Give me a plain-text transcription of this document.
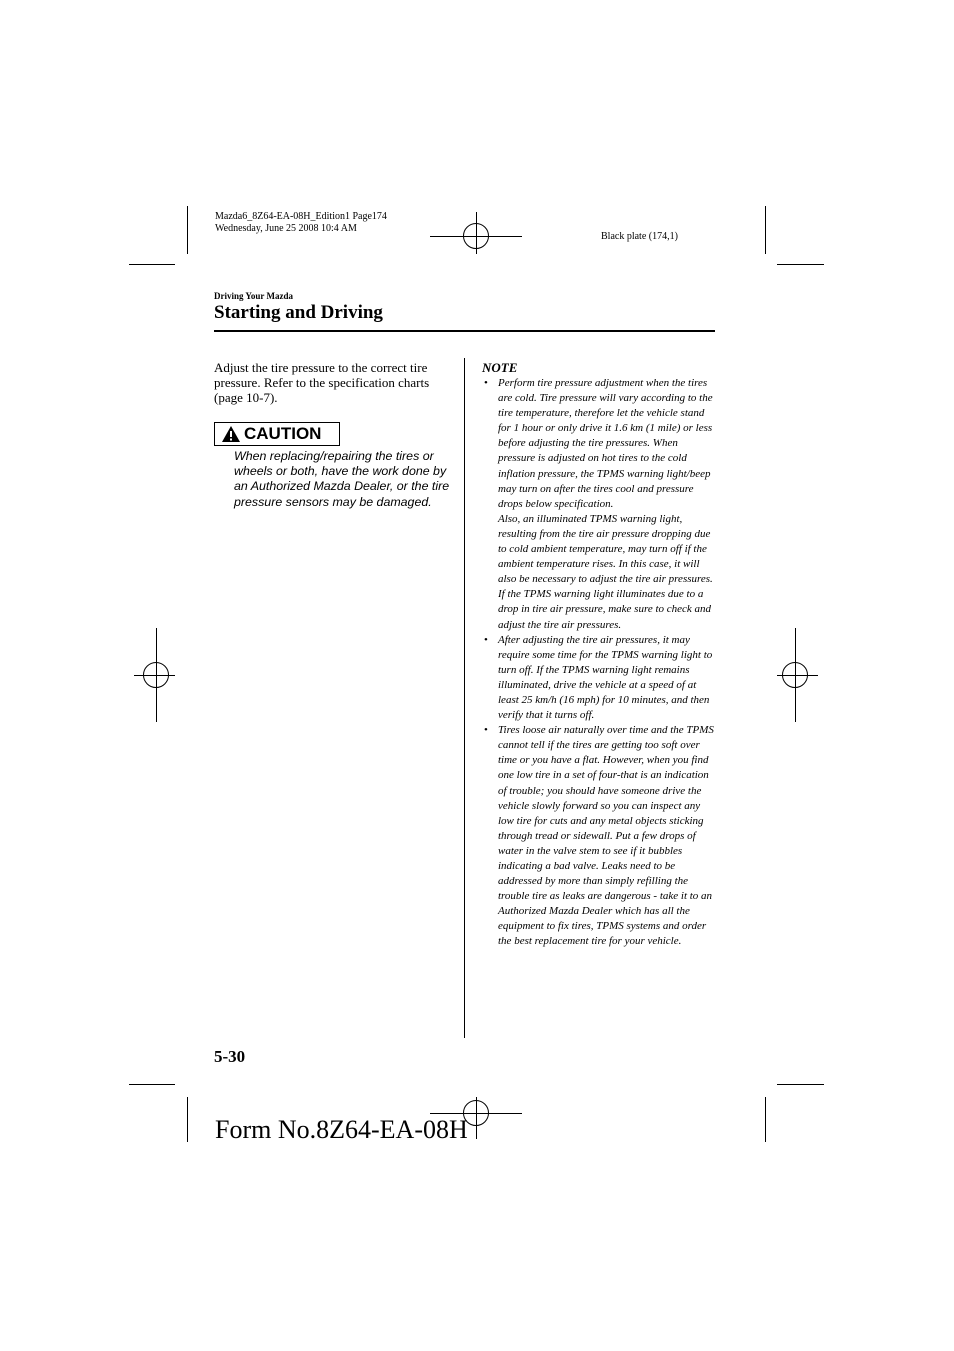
Mazda6_8Z64-EA-08H_Edition1 Page174
Wednesday, June 25 2008 10:4 AM
Black plate (174,1)
Driving Your Mazda
Starting and Driving
Adjust the tire pressure to the correct tire pressure. Refer to the specification charts (page 10-7).
CAUTION
When replacing/repairing the tires or wheels or both, have the work done by an Authorized Mazda Dealer, or the tire pressure sensors may be damaged.
NOTE
• Perform tire pressure adjustment when the tires are cold. Tire pressure will vary according to the tire temperature, therefore let the vehicle stand for 1 hour or only drive it 1.6 km (1 mile) or less before adjusting the tire pressures. When pressure is adjusted on hot tires to the cold inflation pressure, the TPMS warning light/beep may turn on after the tires cool and pressure drops below specification.
Also, an illuminated TPMS warning light, resulting from the tire air pressure dropping due to cold ambient temperature, may turn off if the ambient temperature rises. In this case, it will also be necessary to adjust the tire air pressures. If the TPMS warning light illuminates due to a drop in tire air pressure, make sure to check and adjust the tire air pressures.
• After adjusting the tire air pressures, it may require some time for the TPMS warning light to turn off. If the TPMS warning light remains illuminated, drive the vehicle at a speed of at least 25 km/h (16 mph) for 10 minutes, and then verify that it turns off.
• Tires loose air naturally over time and the TPMS cannot tell if the tires are getting too soft over time or you have a flat. However, when you find one low tire in a set of four-that is an indication of trouble; you should have someone drive the vehicle slowly forward so you can inspect any low tire for cuts and any metal objects sticking through tread or sidewall. Put a few drops of water in the valve stem to see if it bubbles indicating a bad valve. Leaks need to be addressed by more than simply refilling the trouble tire as leaks are dangerous - take it to an Authorized Mazda Dealer which has all the equipment to fix tires, TPMS systems and order the best replacement tire for your vehicle.
5-30
Form No.8Z64-EA-08H
